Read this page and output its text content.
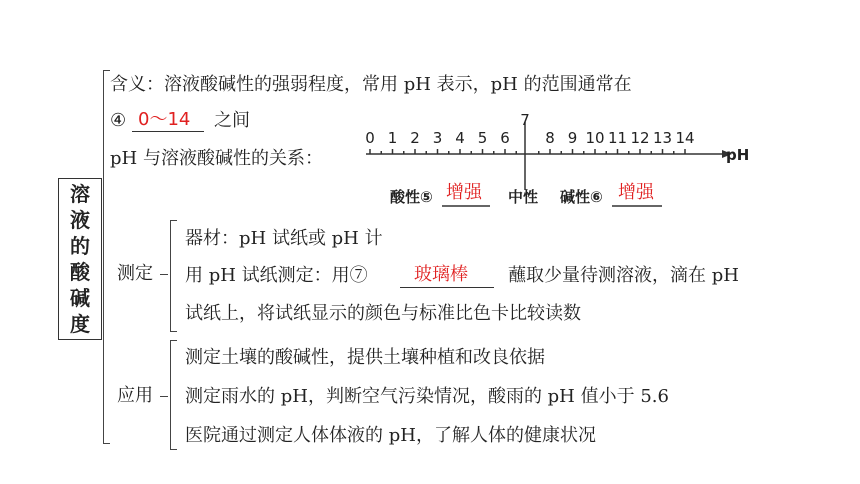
溶
液
的
酸
碱
度
含义：溶液酸碱性的强弱程度，常用 pH 表示，pH 的范围通常在
④ 0～14 之间
pH 与溶液酸碱性的关系：
0 1 2 3 4 5 6 8 9 10 11 12 13 14
7
pH
酸性⑤ 增强 中性 碱性⑥ 增强
测定
器材：pH 试纸或 pH 计
用 pH 试纸测定：用⑦	玻璃棒 蘸取少量待测溶液，滴在 pH
试纸上，将试纸显示的颜色与标准比色卡比较读数
应用
测定土壤的酸碱性，提供土壤种植和改良依据
测定雨水的 pH，判断空气污染情况，酸雨的 pH 值小于 5.6
医院通过测定人体体液的 pH，了解人体的健康状况
